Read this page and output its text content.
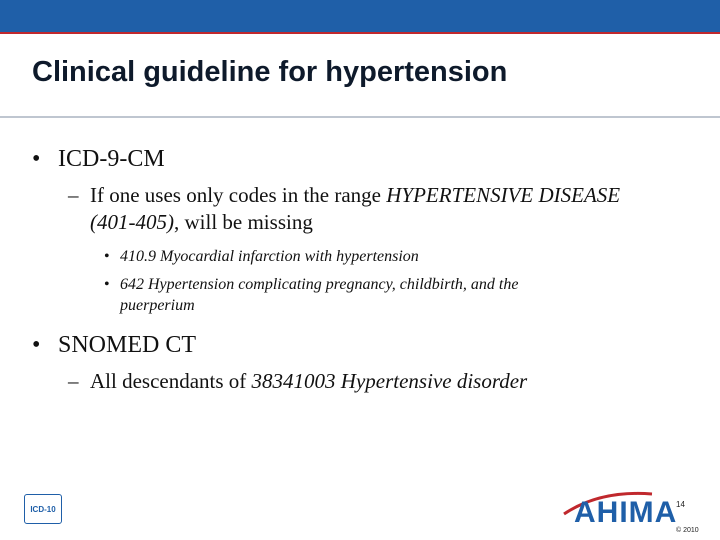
Clinical guideline for hypertension
• ICD-9-CM
– If one uses only codes in the range HYPERTENSIVE DISEASE
(401-405), will be missing
• 410.9 Myocardial infarction with hypertension
• 642 Hypertension complicating pregnancy, childbirth, and the
puerperium
• SNOMED CT
– All descendants of 38341003 Hypertensive disorder
ICD-10	AHIMA
14
© 2010
